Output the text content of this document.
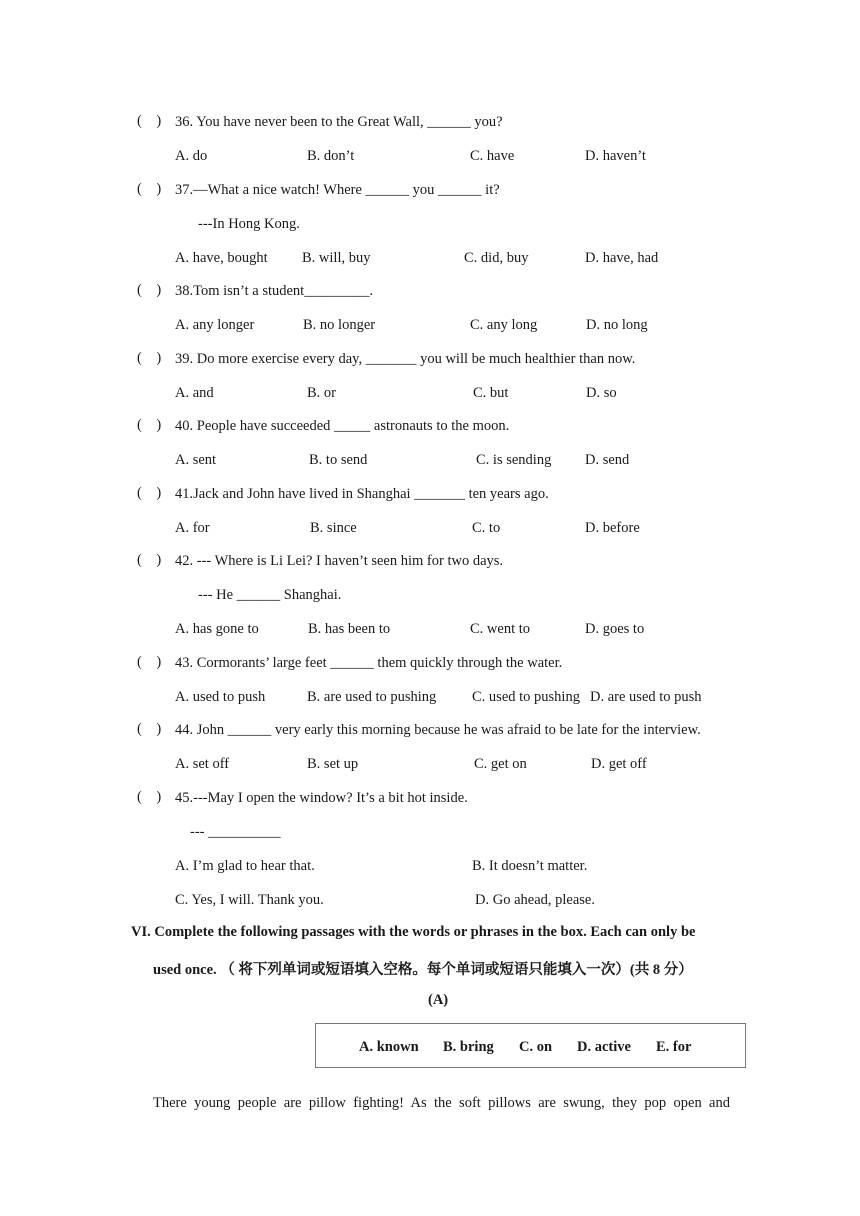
(    ) 36. You have never been to the Great Wall, ______ you?
A. do	B. don’t	C. have	D. haven’t
(    ) 37.—What a nice watch! Where ______ you ______ it?
---In Hong Kong.
A. have, bought B. will, buy	C. did, buy	D. have, had
(    ) 38.Tom isn’t a student_________.
A. any longer	B. no longer	C. any long	D. no long
(    ) 39. Do more exercise every day, _______ you will be much healthier than now.
A. and	B. or	C. but	D. so
(    ) 40. People have succeeded _____ astronauts to the moon.
A. sent	B. to send	C. is sending D. send
(    ) 41.Jack and John have lived in Shanghai _______ ten years ago.
A. for	B. since	C. to	D. before
(    ) 42. --- Where is Li Lei? I haven’t seen him for two days.
--- He ______ Shanghai.
A. has gone to	B. has been to	C. went to	D. goes to
(    ) 43. Cormorants’ large feet ______ them quickly through the water.
A. used to push	B. are used to pushing C. used to pushing D. are used to push
(    ) 44. John ______ very early this morning because he was afraid to be late for the interview.
A. set off	B. set up	C. get on	D. get off
(    ) 45.---May I open the window? It’s a bit hot inside.
--- __________
A. I’m glad to hear that.	B. It doesn’t matter.
C. Yes, I will. Thank you.	D. Go ahead, please.
VI. Complete the following passages with the words or phrases in the box. Each can only be
used once. （ 将下列单词或短语填入空格。每个单词或短语只能填入一次）(共 8 分）
(A)
A. known B. bring C. on D. active E. for
There young people are pillow fighting! As the soft pillows are swung, they pop open and
